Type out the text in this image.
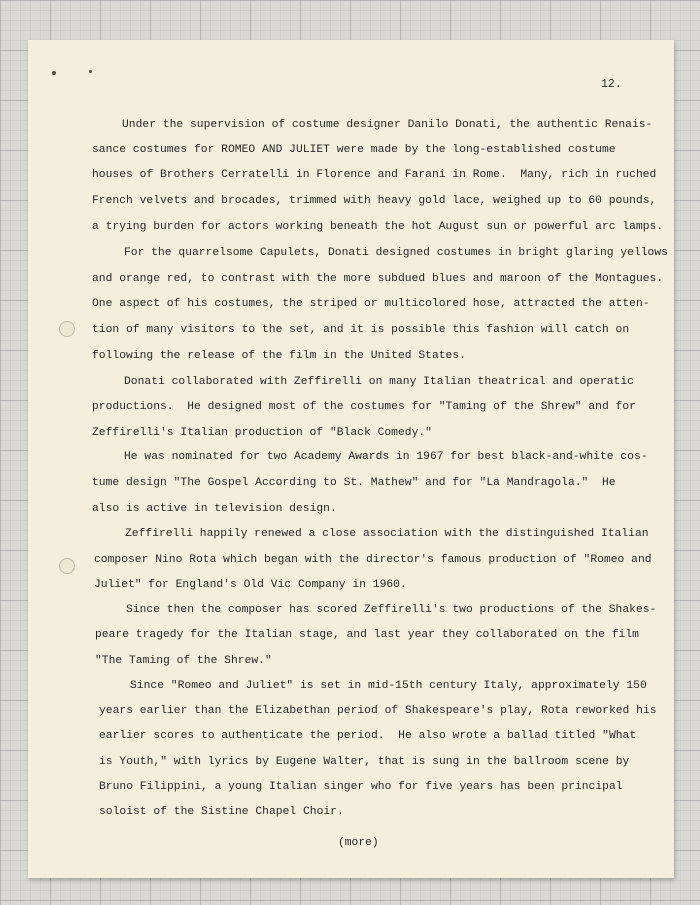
12.
Under the supervision of costume designer Danilo Donati, the authentic Renais-
sance costumes for ROMEO AND JULIET were made by the long-established costume
houses of Brothers Cerratelli in Florence and Farani in Rome.  Many, rich in ruched
French velvets and brocades, trimmed with heavy gold lace, weighed up to 60 pounds,
a trying burden for actors working beneath the hot August sun or powerful arc lamps.
For the quarrelsome Capulets, Donati designed costumes in bright glaring yellows
and orange red, to contrast with the more subdued blues and maroon of the Montagues.
One aspect of his costumes, the striped or multicolored hose, attracted the atten-
tion of many visitors to the set, and it is possible this fashion will catch on
following the release of the film in the United States.
Donati collaborated with Zeffirelli on many Italian theatrical and operatic
productions.  He designed most of the costumes for "Taming of the Shrew" and for
Zeffirelli's Italian production of "Black Comedy."
He was nominated for two Academy Awards in 1967 for best black-and-white cos-
tume design "The Gospel According to St. Mathew" and for "La Mandragola."  He
also is active in television design.
Zeffirelli happily renewed a close association with the distinguished Italian
composer Nino Rota which began with the director's famous production of "Romeo and
Juliet" for England's Old Vic Company in 1960.
Since then the composer has scored Zeffirelli's two productions of the Shakes-
peare tragedy for the Italian stage, and last year they collaborated on the film
"The Taming of the Shrew."
Since "Romeo and Juliet" is set in mid-15th century Italy, approximately 150
years earlier than the Elizabethan period of Shakespeare's play, Rota reworked his
earlier scores to authenticate the period.  He also wrote a ballad titled "What
is Youth," with lyrics by Eugene Walter, that is sung in the ballroom scene by
Bruno Filippini, a young Italian singer who for five years has been principal
soloist of the Sistine Chapel Choir.
(more)
